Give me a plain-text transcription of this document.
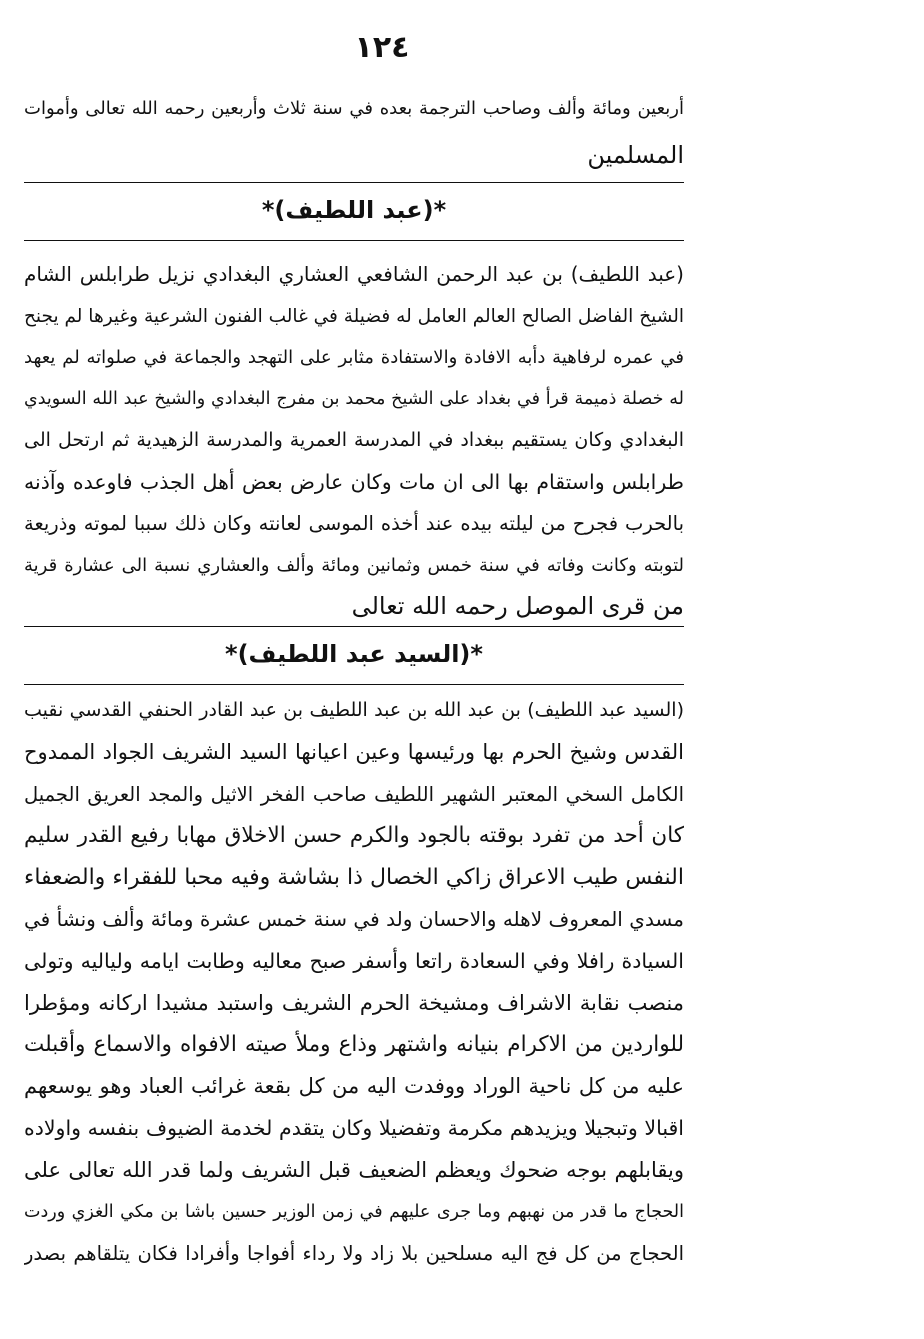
١٢٤
أربعين ومائة وألف وصاحب الترجمة بعده في سنة ثلاث وأربعين رحمه الله تعالى وأموات
المسلمين
*(عبد اللطيف)*
(عبد اللطيف) بن عبد الرحمن الشافعي العشاري البغدادي نزيل طرابلس الشام
الشيخ الفاضل الصالح العالم العامل له فضيلة في غالب الفنون الشرعية وغيرها لم يجنح
في عمره لرفاهية دأبه الافادة والاستفادة مثابر على التهجد والجماعة في صلواته لم يعهد
له خصلة ذميمة قرأ في بغداد على الشيخ محمد بن مفرج البغدادي والشيخ عبد الله السويدي
البغدادي وكان يستقيم ببغداد في المدرسة العمرية والمدرسة الزهيدية ثم ارتحل الى
طرابلس واستقام بها الى ان مات وكان عارض بعض أهل الجذب فاوعده وآذنه
بالحرب فجرح من ليلته بيده عند أخذه الموسى لعانته وكان ذلك سببا لموته وذريعة
لتوبته وكانت وفاته في سنة خمس وثمانين ومائة وألف والعشاري نسبة الى عشارة قرية
من قرى الموصل رحمه الله تعالى
*(السيد عبد اللطيف)*
(السيد عبد اللطيف) بن عبد الله بن عبد اللطيف بن عبد القادر الحنفي القدسي نقيب
القدس وشيخ الحرم بها ورئيسها وعين اعيانها السيد الشريف الجواد الممدوح
الكامل السخي المعتبر الشهير اللطيف صاحب الفخر الاثيل والمجد العريق الجميل
كان أحد من تفرد بوقته بالجود والكرم حسن الاخلاق مهابا رفيع القدر سليم
النفس طيب الاعراق زاكي الخصال ذا بشاشة وفيه محبا للفقراء والضعفاء
مسدي المعروف لاهله والاحسان ولد في سنة خمس عشرة ومائة وألف ونشأ في
السيادة رافلا وفي السعادة راتعا وأسفر صبح معاليه وطابت ايامه ولياليه وتولى
منصب نقابة الاشراف ومشيخة الحرم الشريف واستبد مشيدا اركانه ومؤطرا
للواردين من الاكرام بنيانه واشتهر وذاع وملأ صيته الافواه والاسماع وأقبلت
عليه من كل ناحية الوراد ووفدت اليه من كل بقعة غرائب العباد وهو يوسعهم
اقبالا وتبجيلا ويزيدهم مكرمة وتفضيلا وكان يتقدم لخدمة الضيوف بنفسه واولاده
ويقابلهم بوجه ضحوك ويعظم الضعيف قبل الشريف ولما قدر الله تعالى على
الحجاج ما قدر من نهبهم وما جرى عليهم في زمن الوزير حسين باشا بن مكي الغزي وردت
الحجاج من كل فج اليه مسلحين بلا زاد ولا رداء أفواجا وأفرادا فكان يتلقاهم بصدر
